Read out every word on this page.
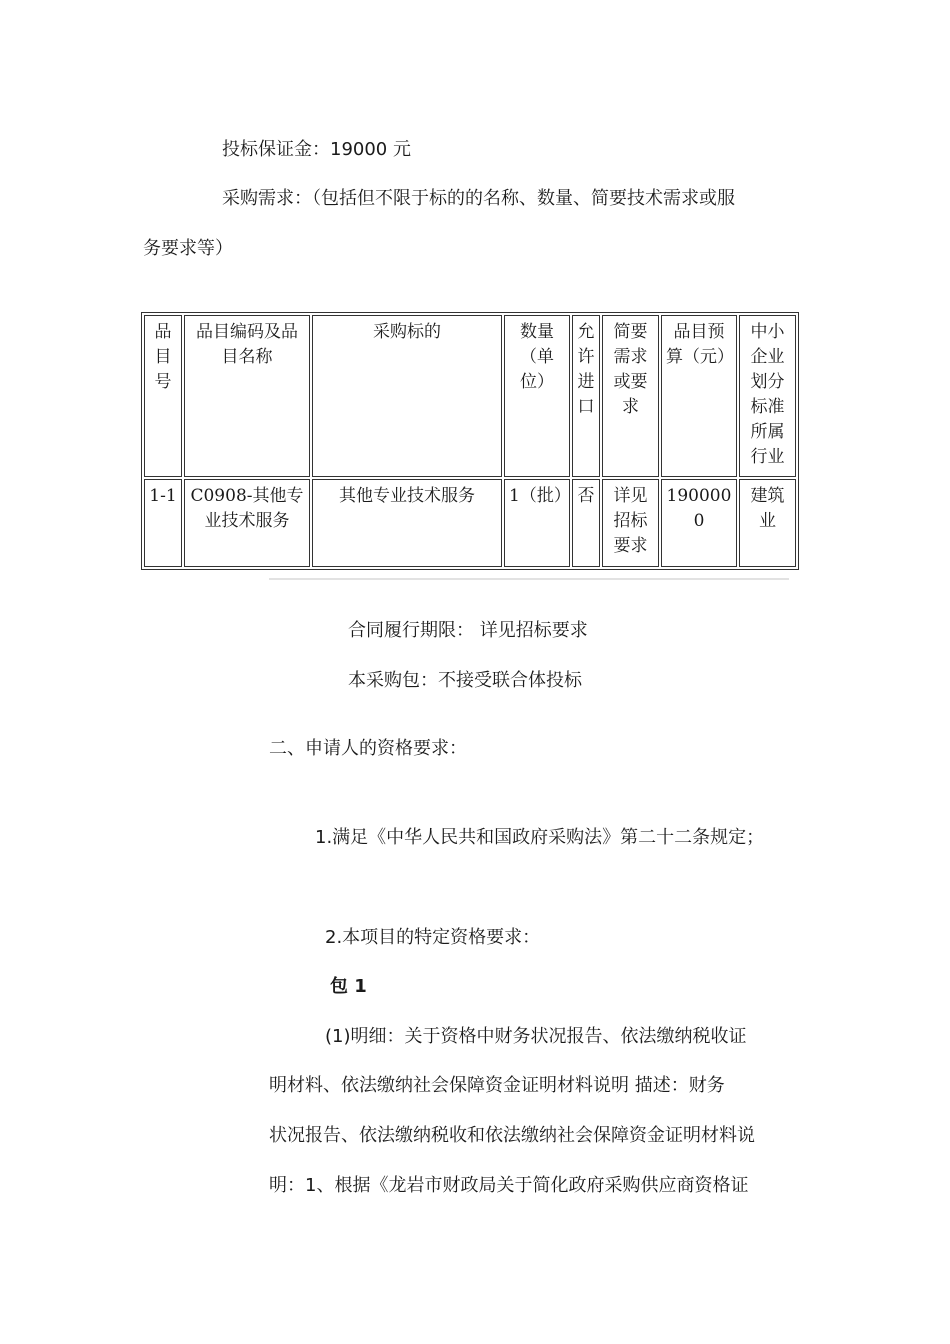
投标保证金：19000 元
采购需求：（包括但不限于标的的名称、数量、简要技术需求或服
务要求等）
品目号	品目编码及品目名称	采购标的	数量（单位）	允许进口	简要需求或要求	品目预算（元）	中小企业划分标准所属行业
1-1	C0908-其他专业技术服务	其他专业技术服务	1（批）	否	详见招标要求	1900000	建筑业
合同履行期限： 详见招标要求
本采购包：不接受联合体投标
二、申请人的资格要求：
1.满足《中华人民共和国政府采购法》第二十二条规定；
2.本项目的特定资格要求：
包 1
(1)明细：关于资格中财务状况报告、依法缴纳税收证
明材料、依法缴纳社会保障资金证明材料说明 描述：财务
状况报告、依法缴纳税收和依法缴纳社会保障资金证明材料说
明：1、根据《龙岩市财政局关于简化政府采购供应商资格证
